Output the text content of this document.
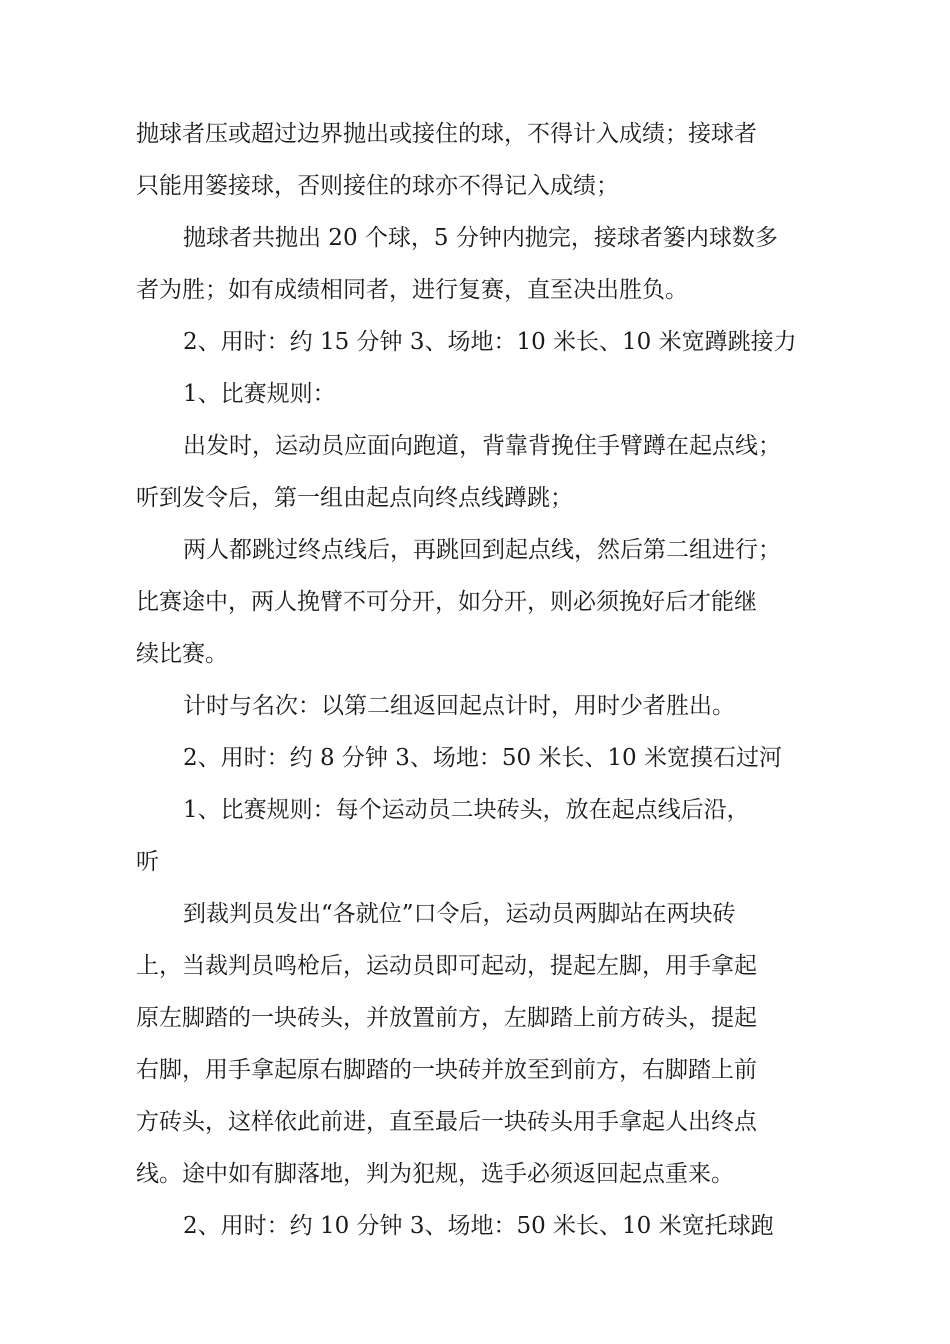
抛球者压或超过边界抛出或接住的球，不得计入成绩；接球者
只能用篓接球，否则接住的球亦不得记入成绩；
抛球者共抛出 20 个球，5 分钟内抛完，接球者篓内球数多
者为胜；如有成绩相同者，进行复赛，直至决出胜负。
2、用时：约 15 分钟 3、场地：10 米长、10 米宽蹲跳接力
1、比赛规则：
出发时，运动员应面向跑道，背靠背挽住手臂蹲在起点线；
听到发令后，第一组由起点向终点线蹲跳；
两人都跳过终点线后，再跳回到起点线，然后第二组进行；
比赛途中，两人挽臂不可分开，如分开，则必须挽好后才能继
续比赛。
计时与名次：以第二组返回起点计时，用时少者胜出。
2、用时：约 8 分钟 3、场地：50 米长、10 米宽摸石过河
1、比赛规则：每个运动员二块砖头，放在起点线后沿，
听
到裁判员发出“各就位”口令后，运动员两脚站在两块砖
上，当裁判员鸣枪后，运动员即可起动，提起左脚，用手拿起
原左脚踏的一块砖头，并放置前方，左脚踏上前方砖头，提起
右脚，用手拿起原右脚踏的一块砖并放至到前方，右脚踏上前
方砖头，这样依此前进，直至最后一块砖头用手拿起人出终点
线。途中如有脚落地，判为犯规，选手必须返回起点重来。
2、用时：约 10 分钟 3、场地：50 米长、10 米宽托球跑
